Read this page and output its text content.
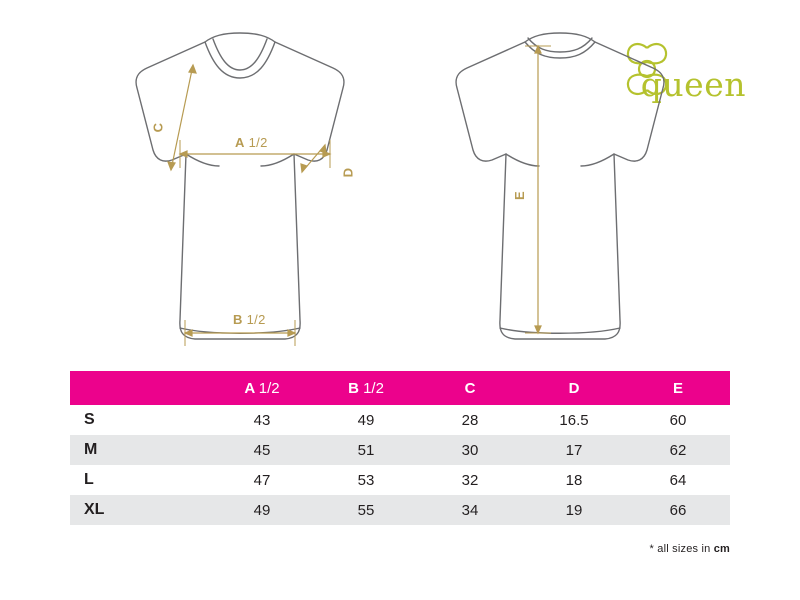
queen
A 1/2
B 1/2
C
D
E
	A 1/2	B 1/2	C	D	E
S	43	49	28	16.5	60
M	45	51	30	17	62
L	47	53	32	18	64
XL	49	55	34	19	66
* all sizes in cm
